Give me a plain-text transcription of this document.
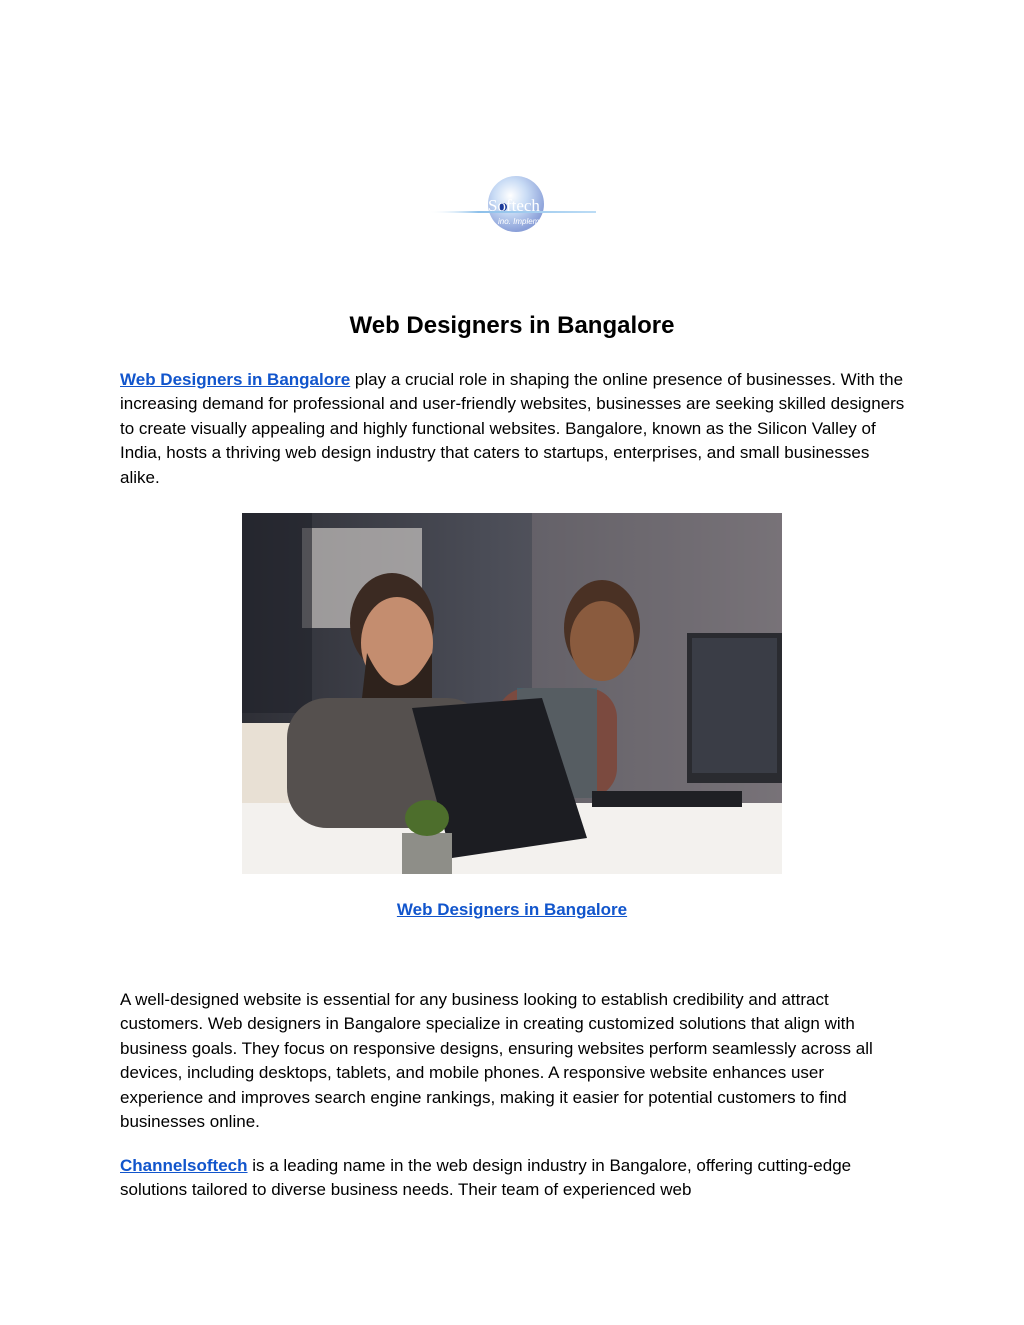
Softech
ino. Implem
Web Designers in Bangalore

Web Designers in Bangalore play a crucial role in shaping the online presence of businesses. With the increasing demand for professional and user-friendly websites, businesses are seeking skilled designers to create visually appealing and highly functional websites. Bangalore, known as the Silicon Valley of India, hosts a thriving web design industry that caters to startups, enterprises, and small businesses alike.

Web Designers in Bangalore

A well-designed website is essential for any business looking to establish credibility and attract customers. Web designers in Bangalore specialize in creating customized solutions that align with business goals. They focus on responsive designs, ensuring websites perform seamlessly across all devices, including desktops, tablets, and mobile phones. A responsive website enhances user experience and improves search engine rankings, making it easier for potential customers to find businesses online.

Channelsoftech is a leading name in the web design industry in Bangalore, offering cutting-edge solutions tailored to diverse business needs. Their team of experienced web
